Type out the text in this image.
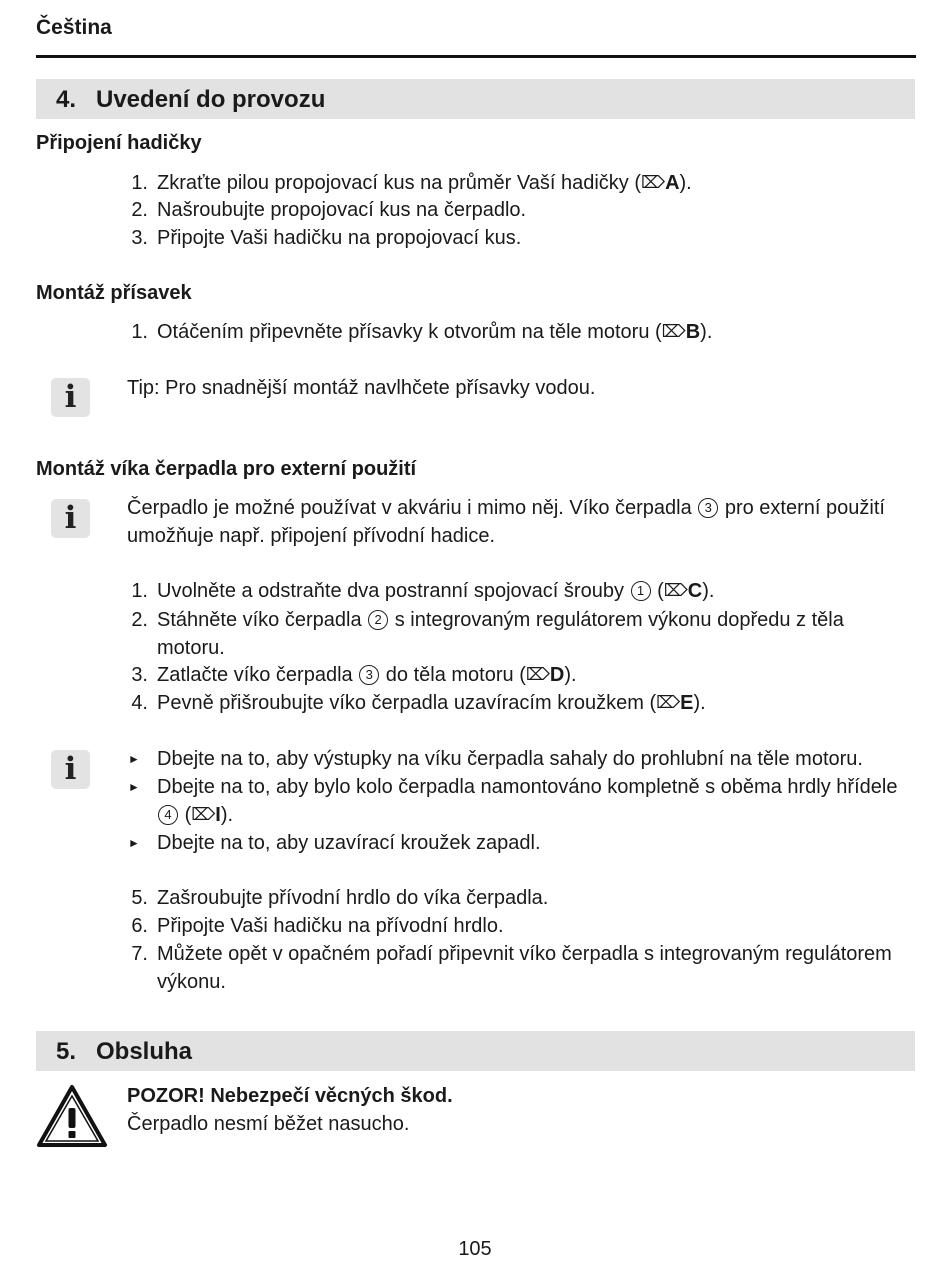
Čeština
4. Uvedení do provozu
Připojení hadičky
1. Zkraťte pilou propojovací kus na průměr Vaší hadičky (⌦A).
2. Našroubujte propojovací kus na čerpadlo.
3. Připojte Vaši hadičku na propojovací kus.
Montáž přísavek
1. Otáčením připevněte přísavky k otvorům na těle motoru (⌦B).
i	Tip: Pro snadnější montáž navlhčete přísavky vodou.
Montáž víka čerpadla pro externí použití
i	Čerpadlo je možné používat v akváriu i mimo něj. Víko čerpadla 3 pro externí použití
umožňuje např. připojení přívodní hadice.
1. Uvolněte a odstraňte dva postranní spojovací šrouby 1 (⌦C).
2. Stáhněte víko čerpadla 2 s integrovaným regulátorem výkonu dopředu z těla
motoru.
3. Zatlačte víko čerpadla 3 do těla motoru (⌦D).
4. Pevně přišroubujte víko čerpadla uzavíracím kroužkem (⌦E).
i	► Dbejte na to, aby výstupky na víku čerpadla sahaly do prohlubní na těle motoru.
► Dbejte na to, aby bylo kolo čerpadla namontováno kompletně s oběma hrdly hřídele
4 (⌦I).
► Dbejte na to, aby uzavírací kroužek zapadl.
5. Zašroubujte přívodní hrdlo do víka čerpadla.
6. Připojte Vaši hadičku na přívodní hrdlo.
7. Můžete opět v opačném pořadí připevnit víko čerpadla s integrovaným regulátorem
výkonu.
5. Obsluha
POZOR! Nebezpečí věcných škod.
Čerpadlo nesmí běžet nasucho.
105
